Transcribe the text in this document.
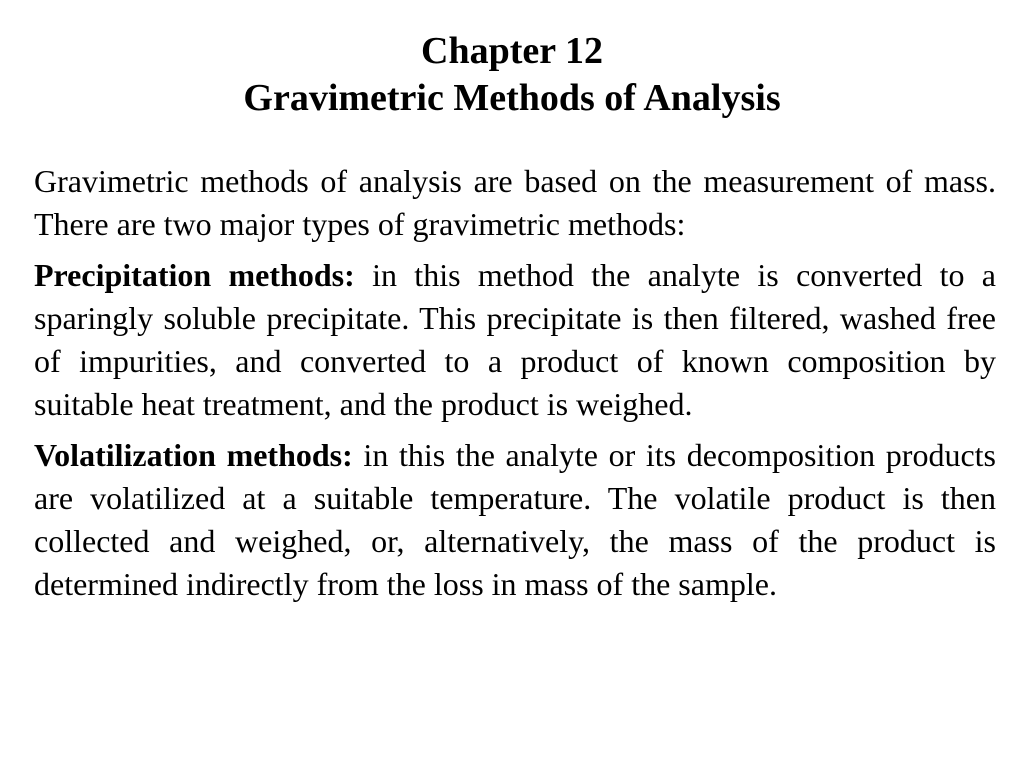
Chapter 12
Gravimetric Methods of Analysis

Gravimetric methods of analysis are based on the measurement of mass. There are two major types of gravimetric methods:

Precipitation methods: in this method the analyte is converted to a sparingly soluble precipitate. This precipitate is then filtered, washed free of impurities, and converted to a product of known composition by suitable heat treatment, and the product is weighed.

Volatilization methods: in this the analyte or its decomposition products are volatilized at a suitable temperature. The volatile product is then collected and weighed, or, alternatively, the mass of the product is determined indirectly from the loss in mass of the sample.
